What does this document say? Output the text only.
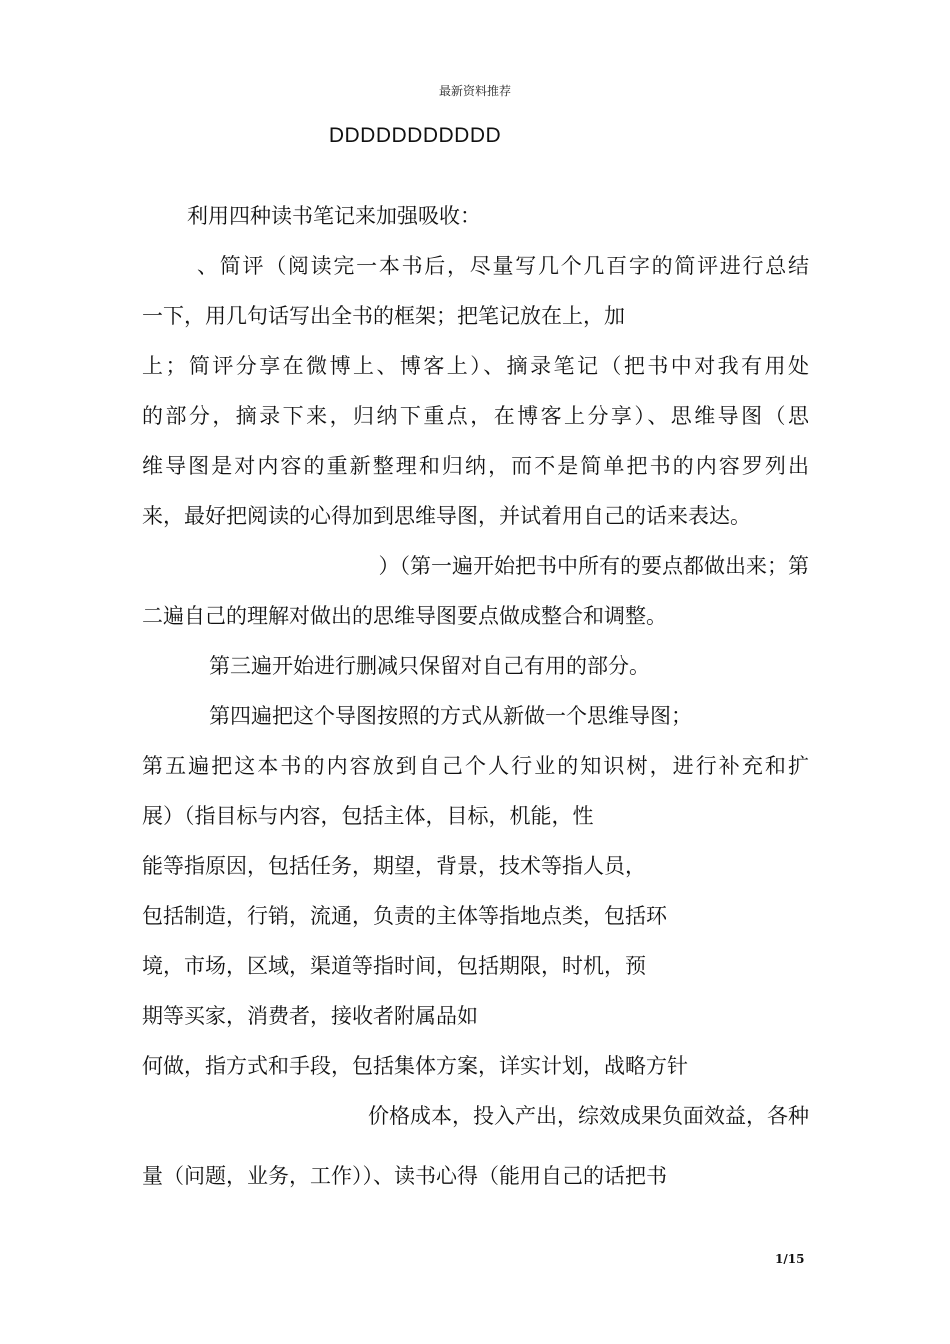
最新资料推荐
DDDDDDDDDDD
利用四种读书笔记来加强吸收：
、简评（阅读完一本书后，尽量写几个几百字的简评进行总结
一下，用几句话写出全书的框架；把笔记放在上，加
上；简评分享在微博上、博客上）、摘录笔记（把书中对我有用处
的部分，摘录下来，归纳下重点，在博客上分享）、思维导图（思
维导图是对内容的重新整理和归纳，而不是简单把书的内容罗列出
来，最好把阅读的心得加到思维导图，并试着用自己的话来表达。
）（第一遍开始把书中所有的要点都做出来；第
二遍自己的理解对做出的思维导图要点做成整合和调整。
第三遍开始进行删减只保留对自己有用的部分。
第四遍把这个导图按照的方式从新做一个思维导图；
第五遍把这本书的内容放到自己个人行业的知识树，进行补充和扩
展）（指目标与内容，包括主体，目标，机能，性
能等指原因，包括任务，期望，背景，技术等指人员，
包括制造，行销，流通，负责的主体等指地点类，包括环
境，市场，区域，渠道等指时间，包括期限，时机，预
期等买家，消费者，接收者附属品如
何做，指方式和手段，包括集体方案，详实计划，战略方针
价格成本，投入产出，综效成果负面效益，各种
量（问题，业务，工作））、读书心得（能用自己的话把书
1/15
